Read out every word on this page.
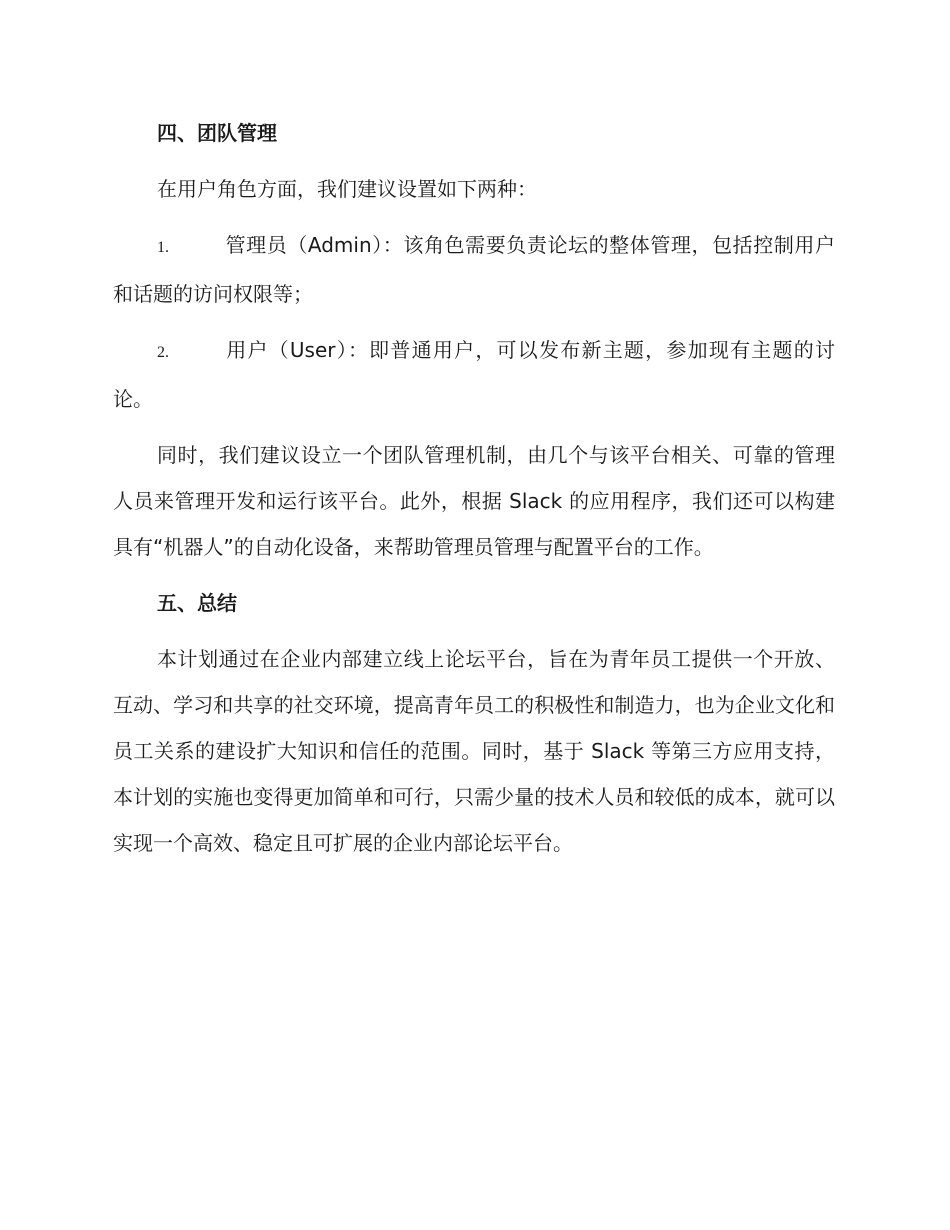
四、团队管理
在用户角色方面，我们建议设置如下两种：
1.	管理员（Admin）：该角色需要负责论坛的整体管理，包括控制用户和话题的访问权限等；
2.	用户（User）：即普通用户，可以发布新主题，参加现有主题的讨论。
同时，我们建议设立一个团队管理机制，由几个与该平台相关、可靠的管理人员来管理开发和运行该平台。此外，根据 Slack 的应用程序，我们还可以构建具有“机器人”的自动化设备，来帮助管理员管理与配置平台的工作。
五、总结
本计划通过在企业内部建立线上论坛平台，旨在为青年员工提供一个开放、互动、学习和共享的社交环境，提高青年员工的积极性和制造力，也为企业文化和员工关系的建设扩大知识和信任的范围。同时，基于 Slack 等第三方应用支持，本计划的实施也变得更加简单和可行，只需少量的技术人员和较低的成本，就可以实现一个高效、稳定且可扩展的企业内部论坛平台。
